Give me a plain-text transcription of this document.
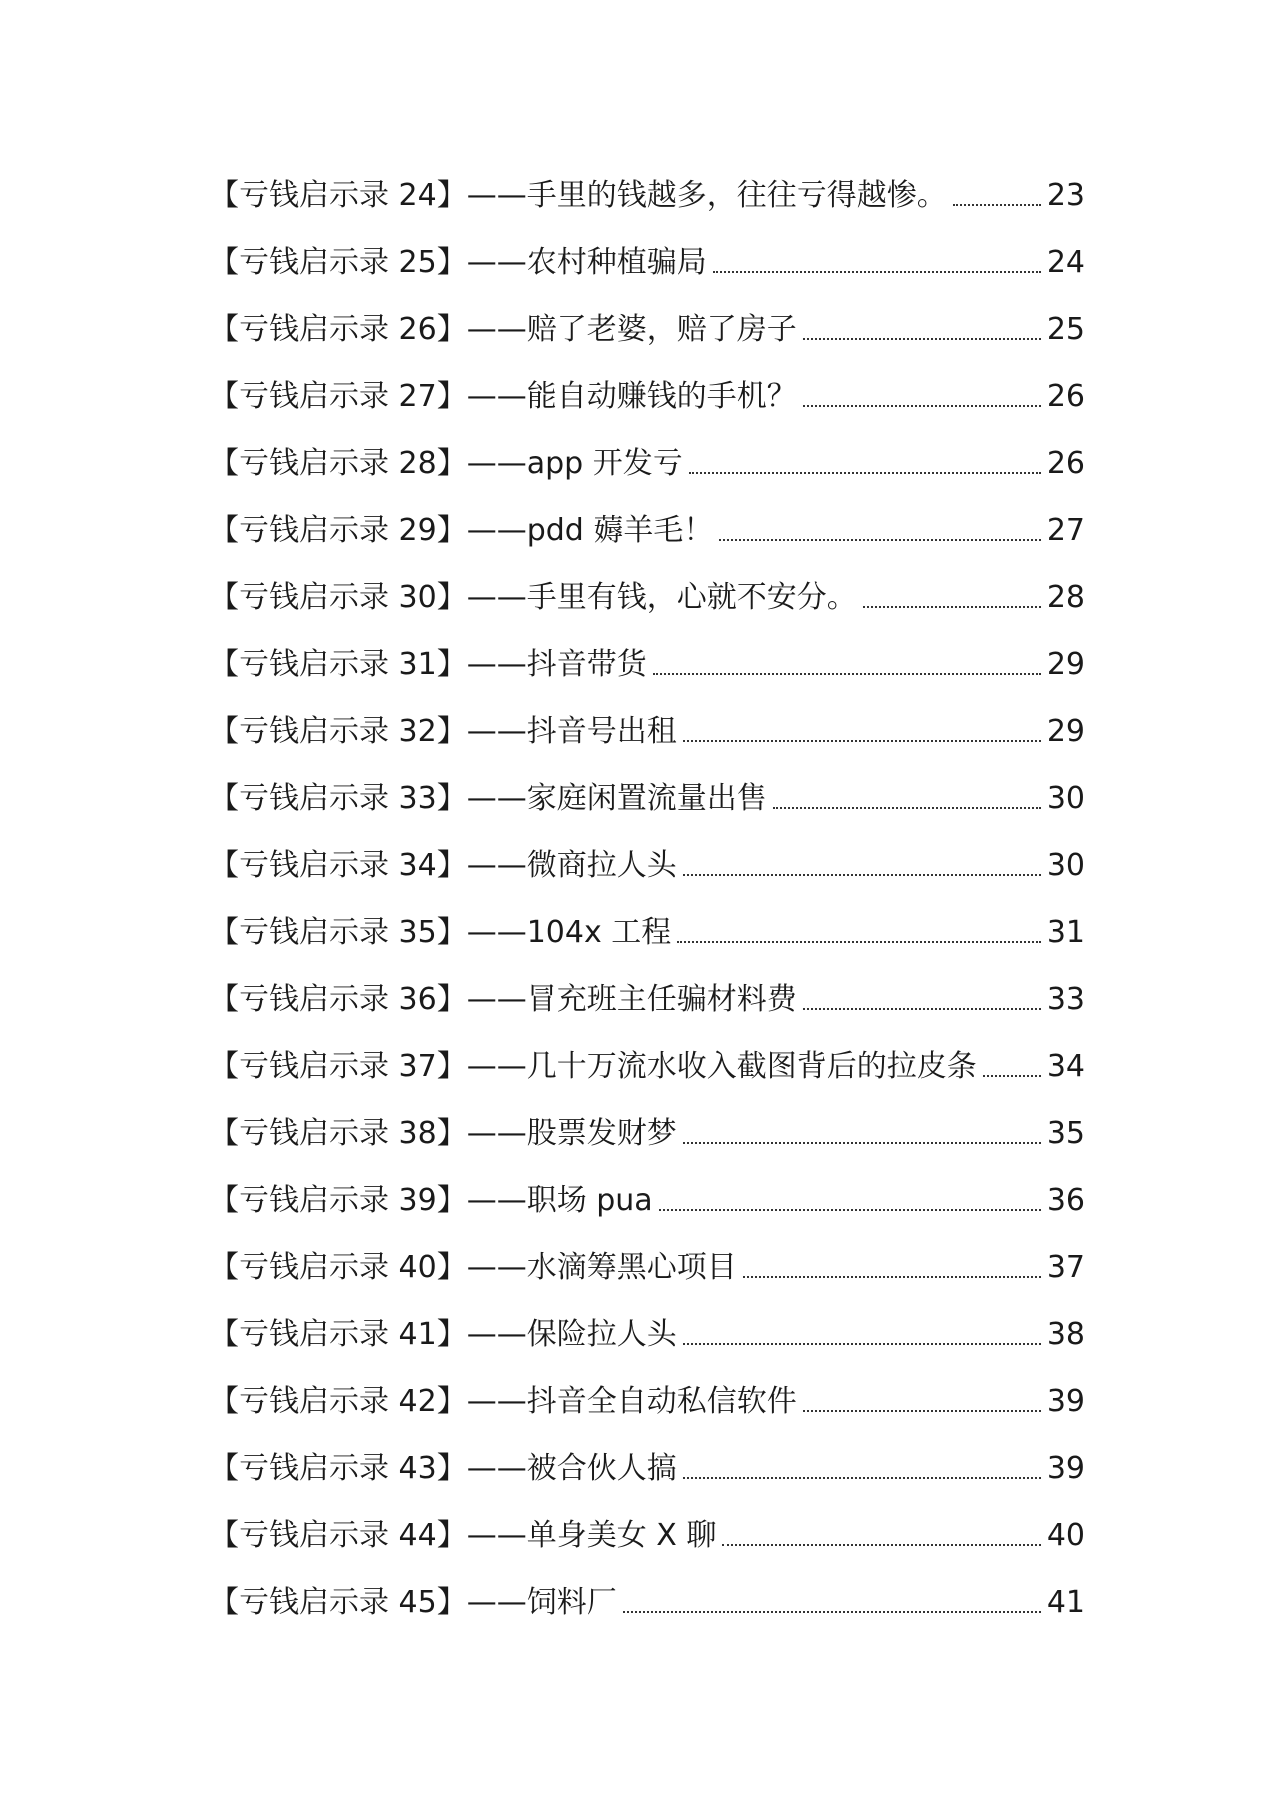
【亏钱启示录 24】 ——手里的钱越多，往往亏得越惨。	23
【亏钱启示录 25】 ——农村种植骗局	24
【亏钱启示录 26】 ——赔了老婆，赔了房子	25
【亏钱启示录 27】 ——能自动赚钱的手机？	26
【亏钱启示录 28】 ——app 开发亏	26
【亏钱启示录 29】 ——pdd 薅羊毛！	27
【亏钱启示录 30】 ——手里有钱，心就不安分。	28
【亏钱启示录 31】 ——抖音带货	29
【亏钱启示录 32】 ——抖音号出租	29
【亏钱启示录 33】 ——家庭闲置流量出售	30
【亏钱启示录 34】 ——微商拉人头	30
【亏钱启示录 35】 ——104x 工程	31
【亏钱启示录 36】 ——冒充班主任骗材料费	33
【亏钱启示录 37】 ——几十万流水收入截图背后的拉皮条 34
【亏钱启示录 38】 ——股票发财梦	35
【亏钱启示录 39】 ——职场 pua	36
【亏钱启示录 40】 ——水滴筹黑心项目	37
【亏钱启示录 41】 ——保险拉人头	38
【亏钱启示录 42】 ——抖音全自动私信软件	39
【亏钱启示录 43】 ——被合伙人搞	39
【亏钱启示录 44】 ——单身美女 X 聊	40
【亏钱启示录 45】 ——饲料厂	41
